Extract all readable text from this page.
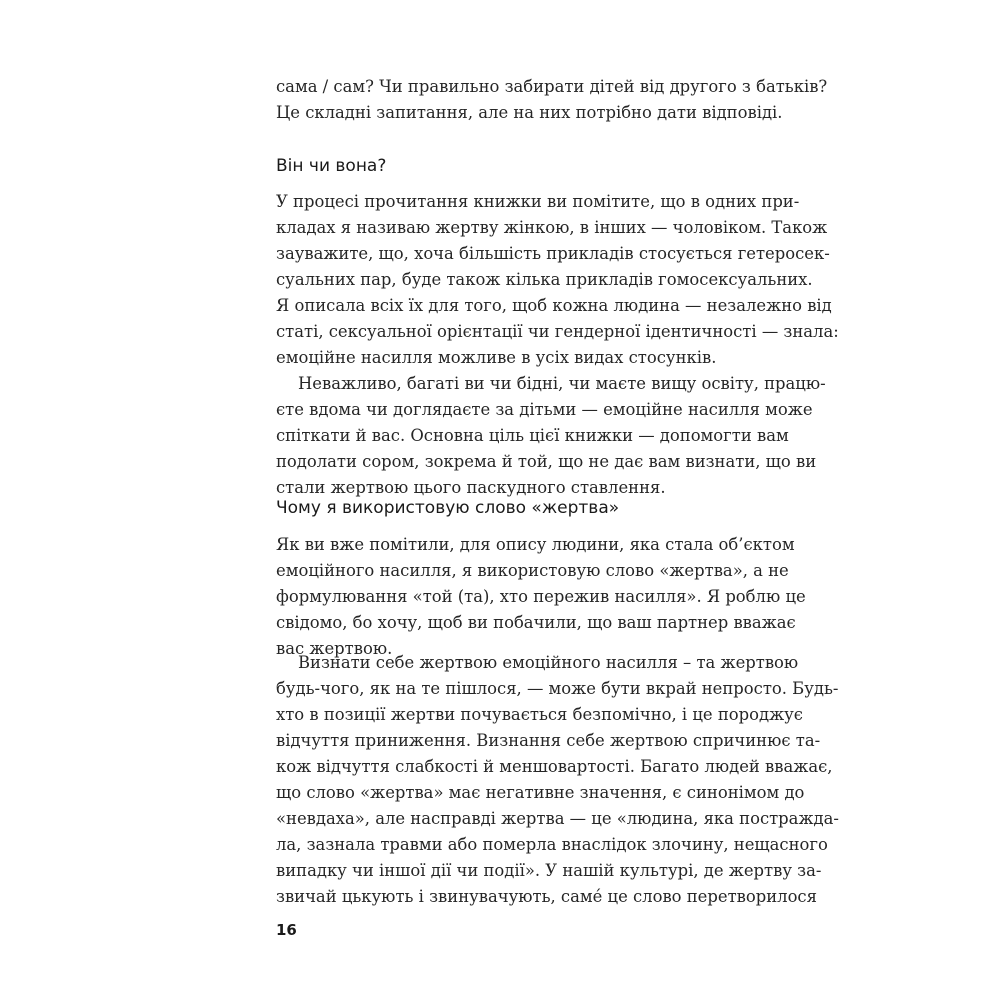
сама / сам? Чи правильно забирати дітей від другого з батьків?
Це складні запитання, але на них потрібно дати відповіді.
Він чи вона?
У процесі прочитання книжки ви помітите, що в одних при-
кладах я називаю жертву жінкою, в інших — чоловіком. Також
зауважите, що, хоча більшість прикладів стосується гетеросек-
суальних пар, буде також кілька прикладів гомосексуальних.
Я описала всіх їх для того, щоб кожна людина — незалежно від
статі, сексуальної орієнтації чи гендерної ідентичності — знала:
емоційне насилля можливе в усіх видах стосунків.
Неважливо, багаті ви чи бідні, чи маєте вищу освіту, працю-
єте вдома чи доглядаєте за дітьми — емоційне насилля може
спіткати й вас. Основна ціль цієї книжки — допомогти вам
подолати сором, зокрема й той, що не дає вам визнати, що ви
стали жертвою цього паскудного ставлення.
Чому я використовую слово «жертва»
Як ви вже помітили, для опису людини, яка стала об’єктом
емоційного насилля, я використовую слово «жертва», а не
формулювання «той (та), хто пережив насилля». Я роблю це
свідомо, бо хочу, щоб ви побачили, що ваш партнер вважає
вас жертвою.
Визнати себе жертвою емоційного насилля – та жертвою
будь-чого, як на те пішлося, — може бути вкрай непросто. Будь-
хто в позиції жертви почувається безпомічно, і це породжує
відчуття приниження. Визнання себе жертвою спричинює та-
кож відчуття слабкості й меншовартості. Багато людей вважає,
що слово «жертва» має негативне значення, є синонімом до
«невдаха», але насправді жертва — це «людина, яка постражда-
ла, зазнала травми або померла внаслідок злочину, нещасного
випадку чи іншої дії чи події». У нашій культурі, де жертву за-
звичай цькують і звинувачують, саме́ це слово перетворилося
16
